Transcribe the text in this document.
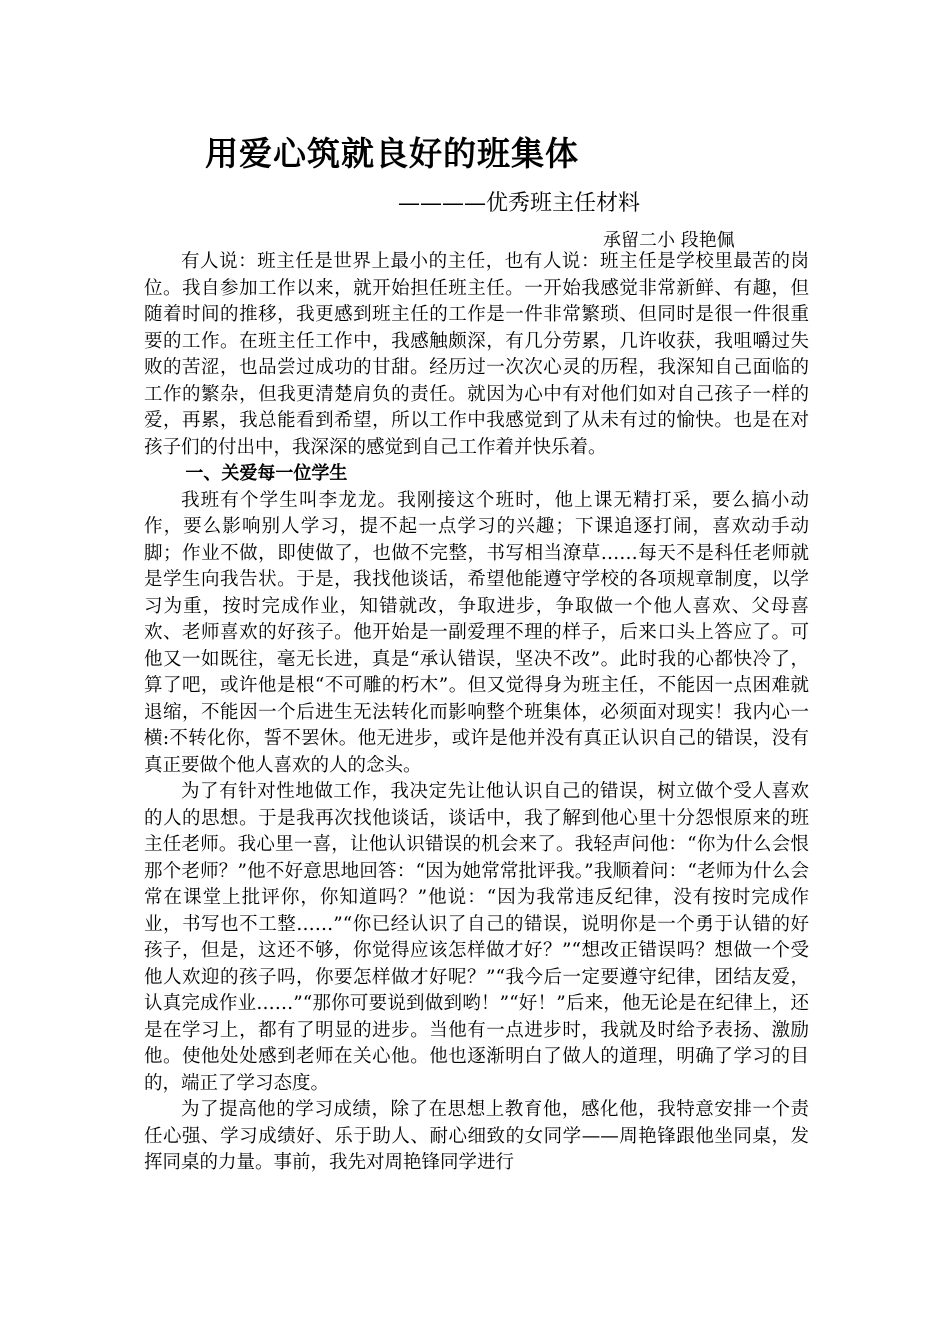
用爱心筑就良好的班集体
————优秀班主任材料
承留二小 段艳佩

有人说：班主任是世界上最小的主任，也有人说：班主任是学校里最苦的岗位。我自参加工作以来，就开始担任班主任。一开始我感觉非常新鲜、有趣，但随着时间的推移，我更感到班主任的工作是一件非常繁琐、但同时是很一件很重要的工作。在班主任工作中，我感触颇深，有几分劳累，几许收获，我咀嚼过失败的苦涩，也品尝过成功的甘甜。经历过一次次心灵的历程，我深知自己面临的工作的繁杂，但我更清楚肩负的责任。就因为心中有对他们如对自己孩子一样的爱，再累，我总能看到希望，所以工作中我感觉到了从未有过的愉快。也是在对孩子们的付出中，我深深的感觉到自己工作着并快乐着。

一、关爱每一位学生

我班有个学生叫李龙龙。我刚接这个班时，他上课无精打采，要么搞小动作，要么影响别人学习，提不起一点学习的兴趣；下课追逐打闹，喜欢动手动脚；作业不做，即使做了，也做不完整，书写相当潦草……每天不是科任老师就是学生向我告状。于是，我找他谈话，希望他能遵守学校的各项规章制度，以学习为重，按时完成作业，知错就改，争取进步，争取做一个他人喜欢、父母喜欢、老师喜欢的好孩子。他开始是一副爱理不理的样子，后来口头上答应了。可他又一如既往，毫无长进，真是“承认错误，坚决不改”。此时我的心都快冷了，算了吧，或许他是根“不可雕的朽木”。但又觉得身为班主任，不能因一点困难就退缩，不能因一个后进生无法转化而影响整个班集体，必须面对现实！我内心一横:不转化你，誓不罢休。他无进步，或许是他并没有真正认识自己的错误，没有真正要做个他人喜欢的人的念头。

为了有针对性地做工作，我决定先让他认识自己的错误，树立做个受人喜欢的人的思想。于是我再次找他谈话，谈话中，我了解到他心里十分怨恨原来的班主任老师。我心里一喜，让他认识错误的机会来了。我轻声问他：“你为什么会恨那个老师？”他不好意思地回答：“因为她常常批评我。”我顺着问：“老师为什么会常在课堂上批评你，你知道吗？”他说：“因为我常违反纪律，没有按时完成作业，书写也不工整……”“你已经认识了自己的错误，说明你是一个勇于认错的好孩子，但是，这还不够，你觉得应该怎样做才好？”“想改正错误吗？想做一个受他人欢迎的孩子吗，你要怎样做才好呢？”“我今后一定要遵守纪律，团结友爱，认真完成作业……”“那你可要说到做到哟！”“好！”后来，他无论是在纪律上，还是在学习上，都有了明显的进步。当他有一点进步时，我就及时给予表扬、激励他。使他处处感到老师在关心他。他也逐渐明白了做人的道理，明确了学习的目的，端正了学习态度。

为了提高他的学习成绩，除了在思想上教育他，感化他，我特意安排一个责任心强、学习成绩好、乐于助人、耐心细致的女同学——周艳锋跟他坐同桌，发挥同桌的力量。事前，我先对周艳锋同学进行
